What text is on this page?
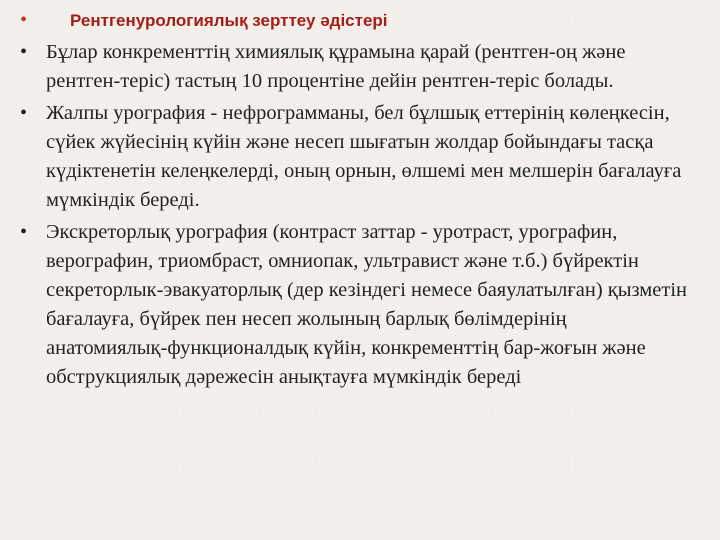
•	Рентгенурологиялық зерттеу әдістері
• Бұлар конкременттің химиялық құрамына қарай (рентген-оң және рентген-теріс) тастың 10 процентіне дейін рентген-теріс болады.
• Жалпы урография - нефрограмманы, бел бұлшық еттерінің көлеңкесін, сүйек жүйесінің күйін және несеп шығатын жолдар бойындағы тасқа күдіктенетін келеңкелерді, оның орнын, өлшемі мен мелшерін бағалауға мүмкіндік береді.
• Экскреторлық урография (контраст заттар - уротраст, урографин, верографин, триомбраст, омниопак, ультравист және т.б.) бүйректін секреторлык-эвакуаторлық (дер кезіндегі немесе баяулатылған) қызметін бағалауға, бүйрек пен несеп жолының барлық бөлімдерінің анатомиялық-функционалдық күйін, конкременттің бар-жоғын және обструкциялық дәрежесін анықтауға мүмкіндік береді
